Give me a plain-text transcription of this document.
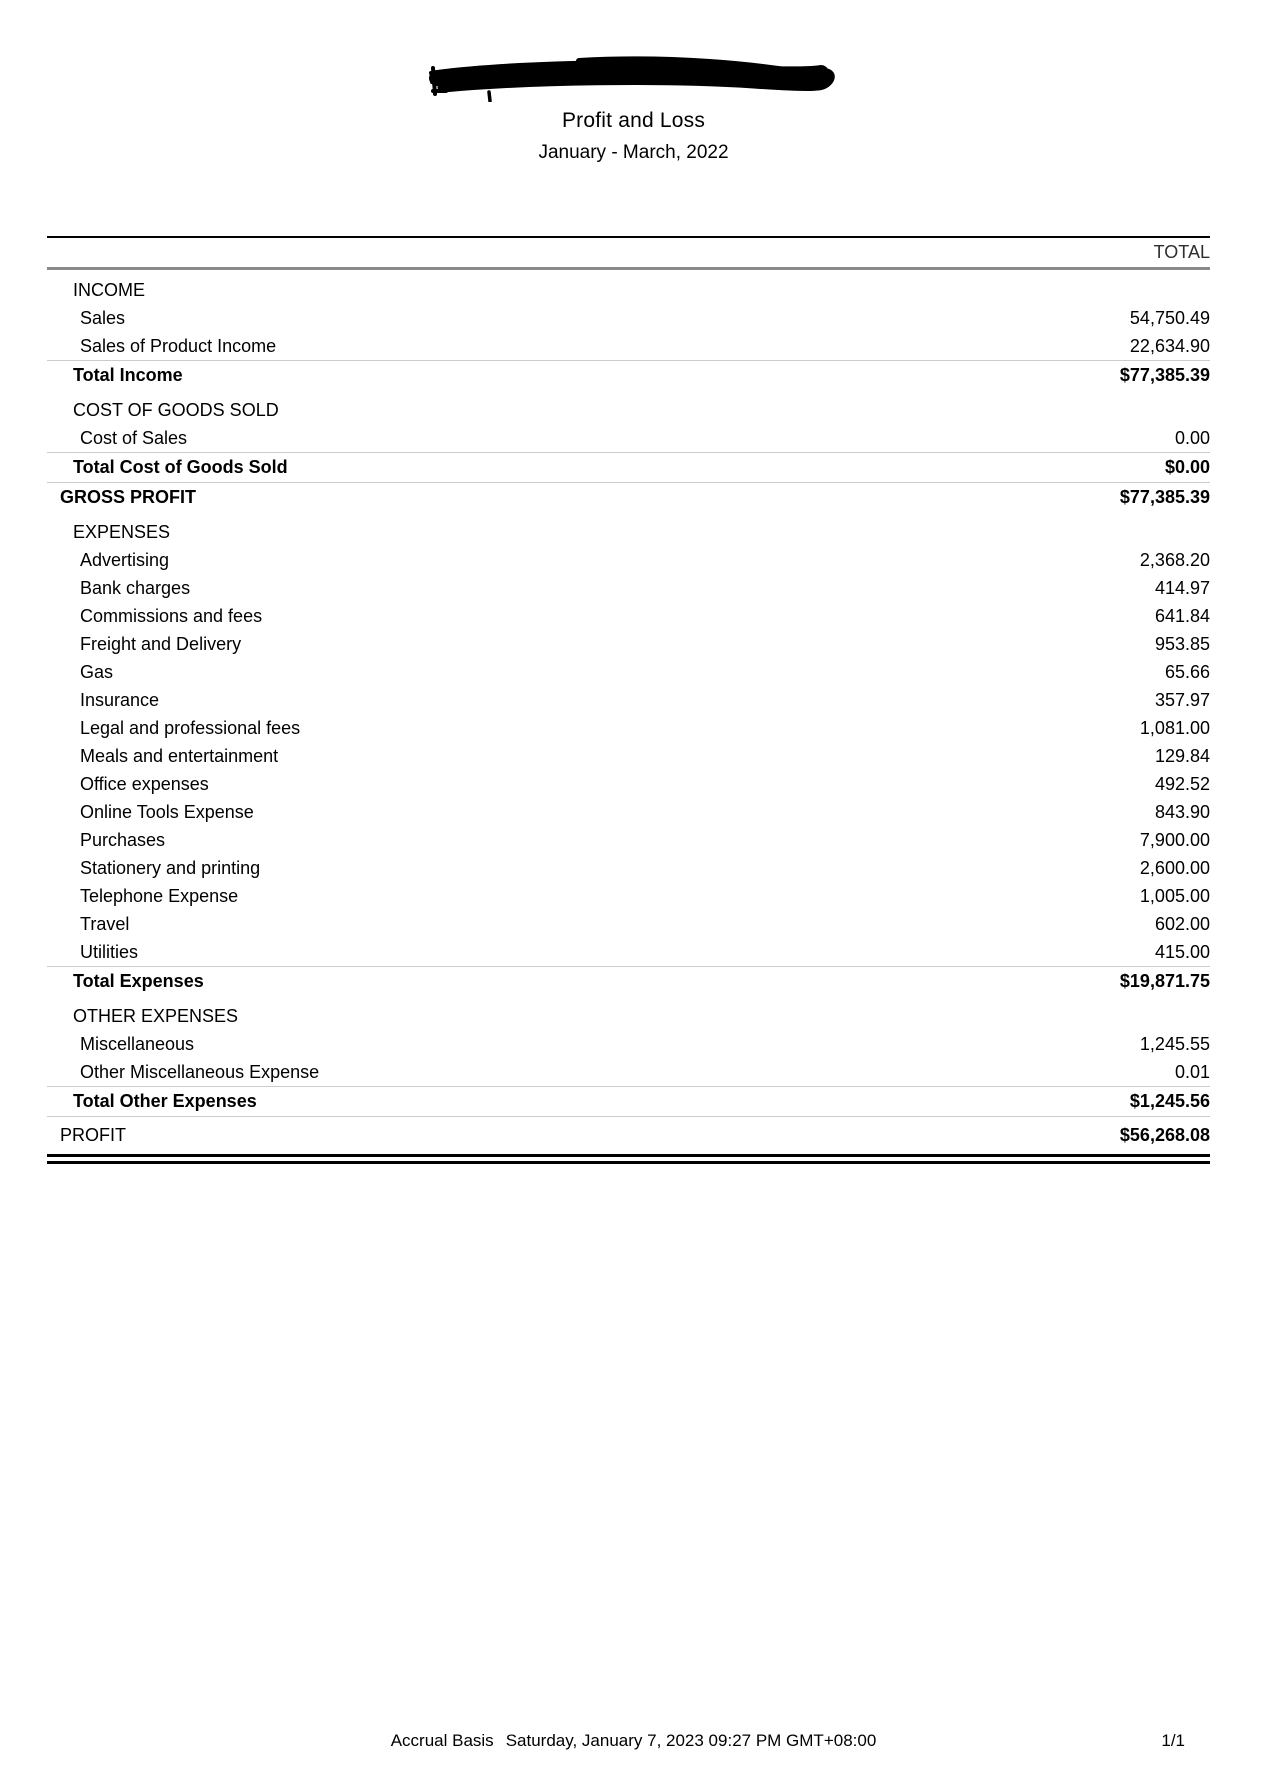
Profit and Loss
January - March, 2022
TOTAL
INCOME
Sales	54,750.49
Sales of Product Income	22,634.90
Total Income	$77,385.39
COST OF GOODS SOLD
Cost of Sales	0.00
Total Cost of Goods Sold	$0.00
GROSS PROFIT	$77,385.39
EXPENSES
Advertising	2,368.20
Bank charges	414.97
Commissions and fees	641.84
Freight and Delivery	953.85
Gas	65.66
Insurance	357.97
Legal and professional fees	1,081.00
Meals and entertainment	129.84
Office expenses	492.52
Online Tools Expense	843.90
Purchases	7,900.00
Stationery and printing	2,600.00
Telephone Expense	1,005.00
Travel	602.00
Utilities	415.00
Total Expenses	$19,871.75
OTHER EXPENSES
Miscellaneous	1,245.55
Other Miscellaneous Expense	0.01
Total Other Expenses	$1,245.56
PROFIT	$56,268.08
Accrual Basis Saturday, January 7, 2023 09:27 PM GMT+08:00	1/1
